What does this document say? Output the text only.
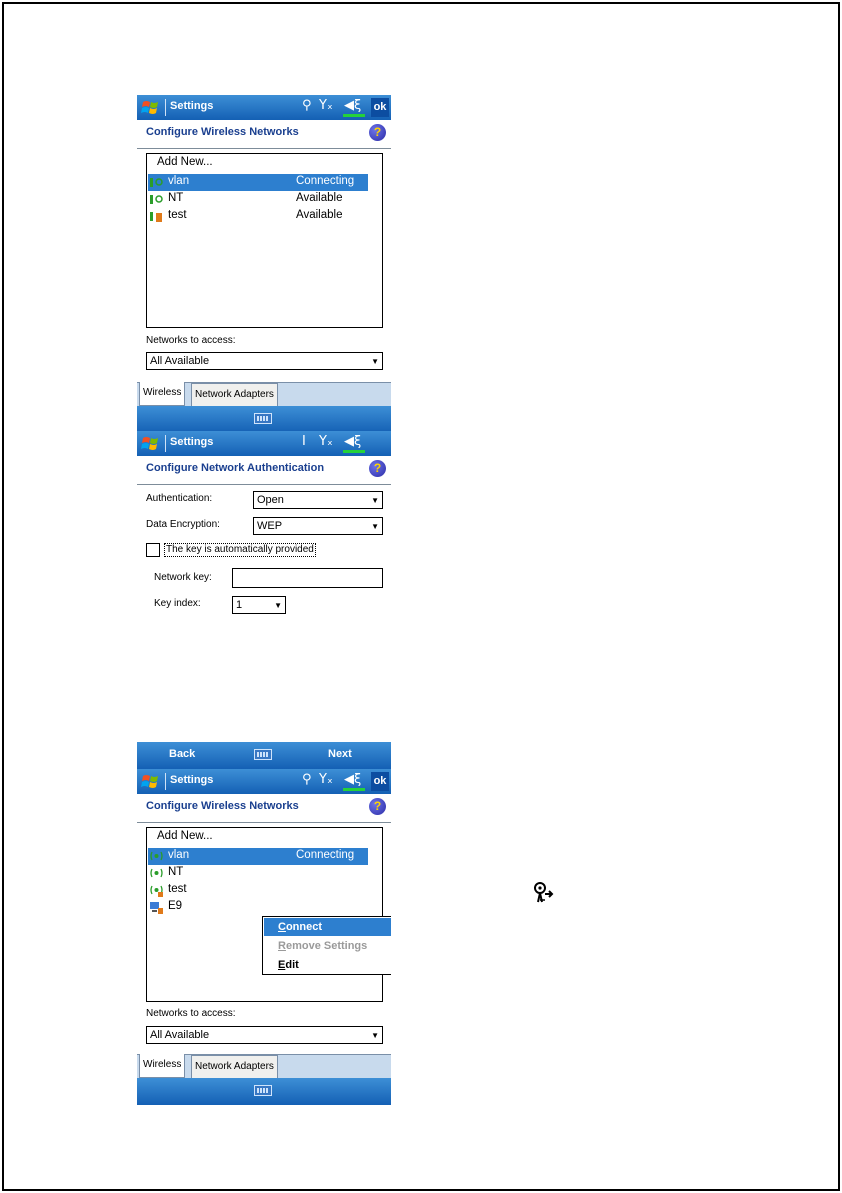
Settings	⚲ Yₓ ◀ξ ok
Configure Wireless Networks	?
Add New...
vlan	Connecting
NT	Available
test	Available
Networks to access:
All Available	▼
Wireless	Network Adapters
Settings	I Yₓ ◀ξ
Configure Network Authentication	?
Authentication:	Open	▼
Data Encryption:	WEP	▼
The key is automatically provided
Network key:
Key index:	1	▼
Back	Next
Settings	⚲ Yₓ ◀ξ ok
Configure Wireless Networks	?
Add New...
vlan	Connecting
NT
test
E9
Connect
Remove Settings
Edit
Networks to access:
All Available	▼
Wireless	Network Adapters
